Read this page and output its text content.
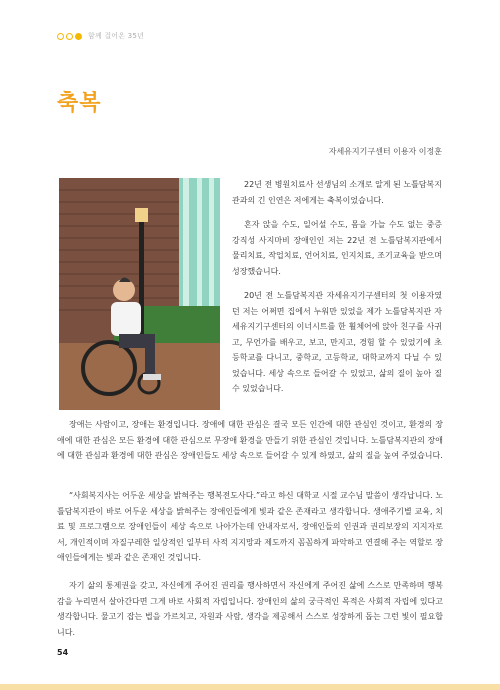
함께 걸어온 35년
축복
자세유지기구센터 이용자 이정훈

22년 전 병원치료사 선생님의 소개로 알게 된 노틀담복지관과의 긴 인연은 저에게는 축복이었습니다.

혼자 앉을 수도, 일어설 수도, 몸을 가늘 수도 없는 중증 강직성 사지마비 장애인인 저는 22년 전 노틀담복지관에서 물리치료, 작업치료, 언어치료, 인지치료, 조기교육을 받으며 성장했습니다.

20년 전 노틀담복지관 자세유지기구센터의 첫 이용자였던 저는 어쩌면 집에서 누워만 있었을 제가 노틀담복지관 자세유지기구센터의 이너시트를 한 휠체어에 앉아 친구를 사귀고, 무언가를 배우고, 보고, 만지고, 경험 할 수 있었기에 초등학교를 다니고, 중학교, 고등학교, 대학교까지 다닐 수 있었습니다. 세상 속으로 들어갈 수 있었고, 삶의 질이 높아 질 수 있었습니다.

장애는 사람이고, 장애는 환경입니다. 장애에 대한 관심은 결국 모든 인간에 대한 관심인 것이고, 환경의 장애에 대한 관심은 모든 환경에 대한 관심으로 무장애 환경을 만들기 위한 관심인 것입니다. 노틀담복지관의 장애에 대한 관심과 환경에 대한 관심은 장애인들도 세상 속으로 들어갈 수 있게 하였고, 삶의 질을 높여 주었습니다.

“사회복지사는 어두운 세상을 밝혀주는 행복전도사다.”라고 하신 대학교 시절 교수님 말씀이 생각납니다. 노틀담복지관이 바로 어두운 세상을 밝혀주는 장애인들에게 빛과 같은 존재라고 생각합니다. 생애주기별 교육, 치료 및 프로그램으로 장애인들이 세상 속으로 나아가는데 안내자로서, 장애인들의 인권과 권리보장의 지지자로서, 개인적이며 자질구레한 일상적인 일부터 사적 지지망과 제도까지 꼼꼼하게 파악하고 연결해 주는 역할로 장애인들에게는 빛과 같은 존재인 것입니다.

자기 삶의 통제권을 갖고, 자신에게 주어진 권리를 행사하면서 자신에게 주어진 삶에 스스로 만족하며 행복감을 누리면서 살아간다면 그게 바로 사회적 자립입니다. 장애인의 삶의 궁극적인 목적은 사회적 자립에 있다고 생각합니다. 물고기 잡는 법을 가르치고, 자원과 사람, 생각을 제공해서 스스로 성장하게 돕는 그런 빛이 필요합니다.

54
